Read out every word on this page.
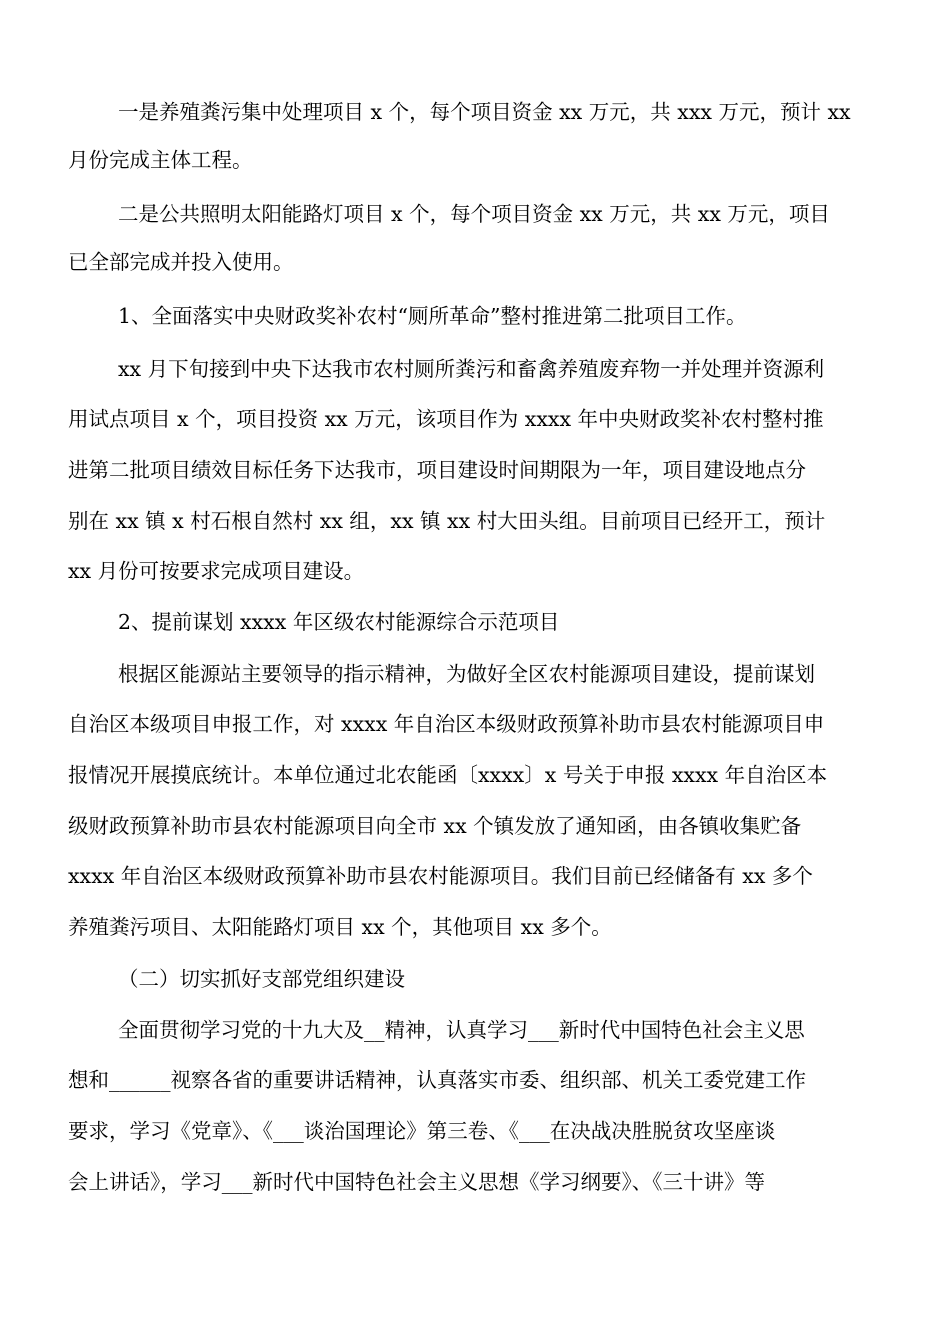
一是养殖粪污集中处理项目 x 个，每个项目资金 xx 万元，共 xxx 万元，预计 xx
月份完成主体工程。
二是公共照明太阳能路灯项目 x 个，每个项目资金 xx 万元，共 xx 万元，项目
已全部完成并投入使用。
1、全面落实中央财政奖补农村“厕所革命”整村推进第二批项目工作。
xx 月下旬接到中央下达我市农村厕所粪污和畜禽养殖废弃物一并处理并资源利
用试点项目 x 个，项目投资 xx 万元，该项目作为 xxxx 年中央财政奖补农村整村推
进第二批项目绩效目标任务下达我市，项目建设时间期限为一年，项目建设地点分
别在 xx 镇 x 村石根自然村 xx 组，xx 镇 xx 村大田头组。目前项目已经开工，预计
xx 月份可按要求完成项目建设。
2、提前谋划 xxxx 年区级农村能源综合示范项目
根据区能源站主要领导的指示精神，为做好全区农村能源项目建设，提前谋划
自治区本级项目申报工作，对 xxxx 年自治区本级财政预算补助市县农村能源项目申
报情况开展摸底统计。本单位通过北农能函〔xxxx〕x 号关于申报 xxxx 年自治区本
级财政预算补助市县农村能源项目向全市 xx 个镇发放了通知函，由各镇收集贮备
xxxx 年自治区本级财政预算补助市县农村能源项目。我们目前已经储备有 xx 多个
养殖粪污项目、太阳能路灯项目 xx 个，其他项目 xx 多个。
（二）切实抓好支部党组织建设
全面贯彻学习党的十九大及__精神，认真学习___新时代中国特色社会主义思
想和______视察各省的重要讲话精神，认真落实市委、组织部、机关工委党建工作
要求，学习《党章》、《___谈治国理论》第三卷、《___在决战决胜脱贫攻坚座谈
会上讲话》，学习___新时代中国特色社会主义思想《学习纲要》、《三十讲》等
